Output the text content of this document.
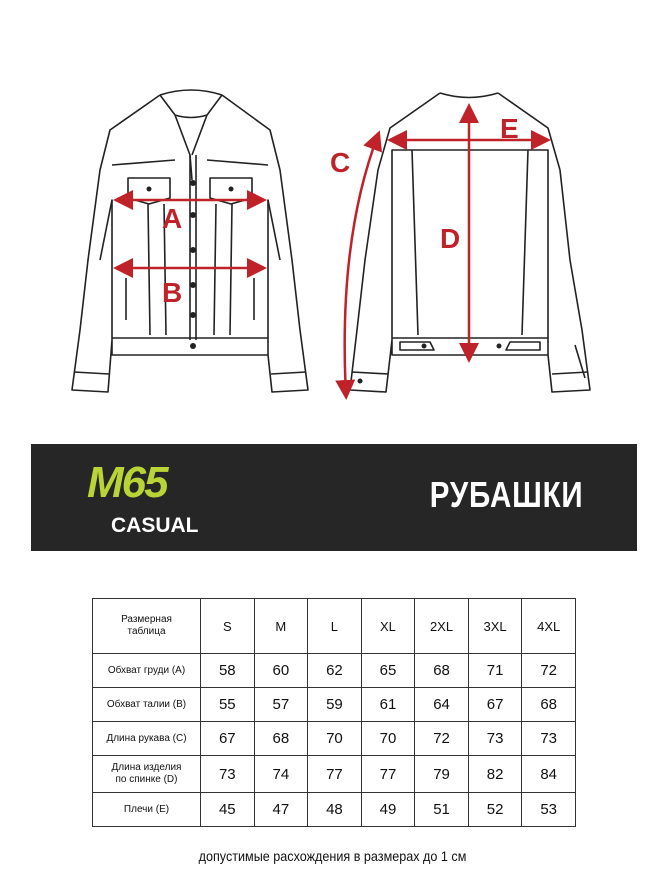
A
B
C
D
E
M65
CASUAL
РУБАШКИ
Размерная
таблица	S	M	L	XL	2XL	3XL	4XL
Обхват груди (A)	58	60	62	65	68	71	72
Обхват талии (B)	55	57	59	61	64	67	68
Длина рукава (C)	67	68	70	70	72	73	73
Длина изделия
по спинке (D)	73	74	77	77	79	82	84
Плечи (E)	45	47	48	49	51	52	53
допустимые расхождения в размерах до 1 см
